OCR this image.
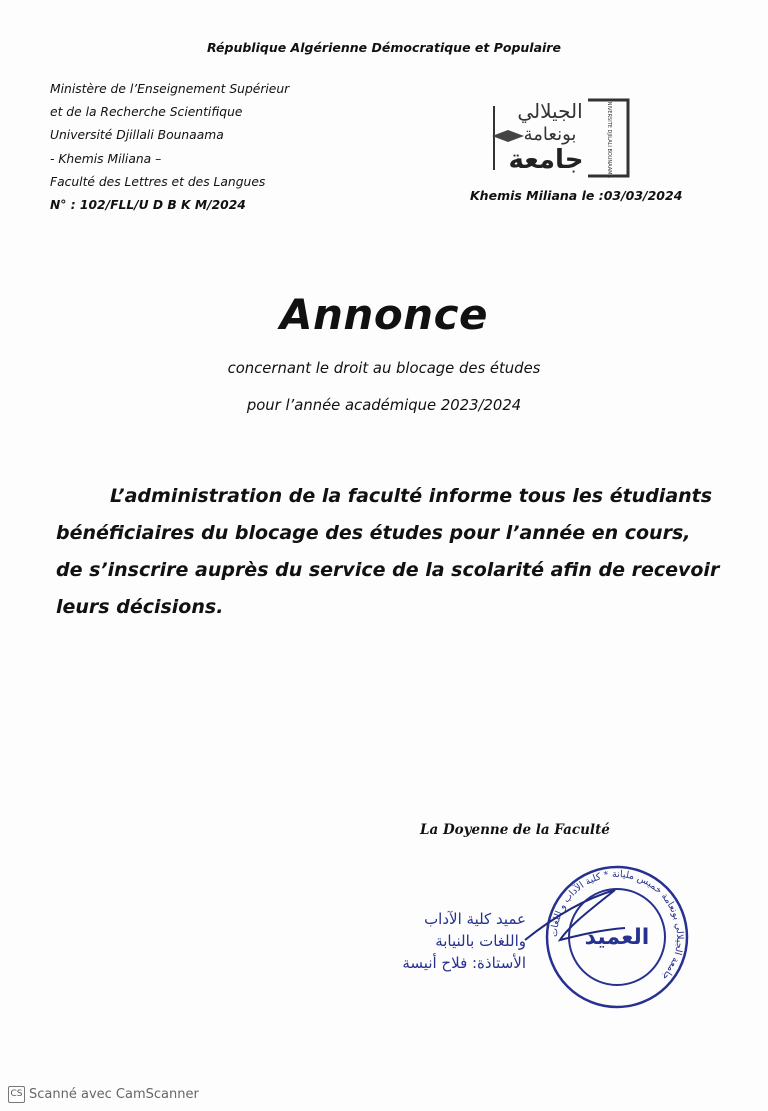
République Algérienne Démocratique et Populaire
Ministère de l’Enseignement Supérieur
et de la Recherche Scientifique
Université Djillali Bounaama
- Khemis Miliana –
Faculté des Lettres et des Langues
N° : 102/FLL/U D B K M/2024
الجيلالي
بونعامة
جامعة	UNIVERSITE DJILALI BOUNAAMA
Khemis Miliana le :03/03/2024
Annonce
concernant le droit au blocage des études
pour l’année académique 2023/2024
L’administration de la faculté informe tous les étudiants
bénéficiaires du blocage des études pour l’année en cours,
de s’inscrire auprès du service de la scolarité afin de recevoir
leurs décisions.
La Doyenne de la Faculté
عميد كلية الآداب
واللغات بالنيابة
الأستاذة: فلاح أنيسة
جامعة الجيلالي بونعامة خميس مليانة * كلية الآداب و اللغات
العميد
CS Scanné avec CamScanner
